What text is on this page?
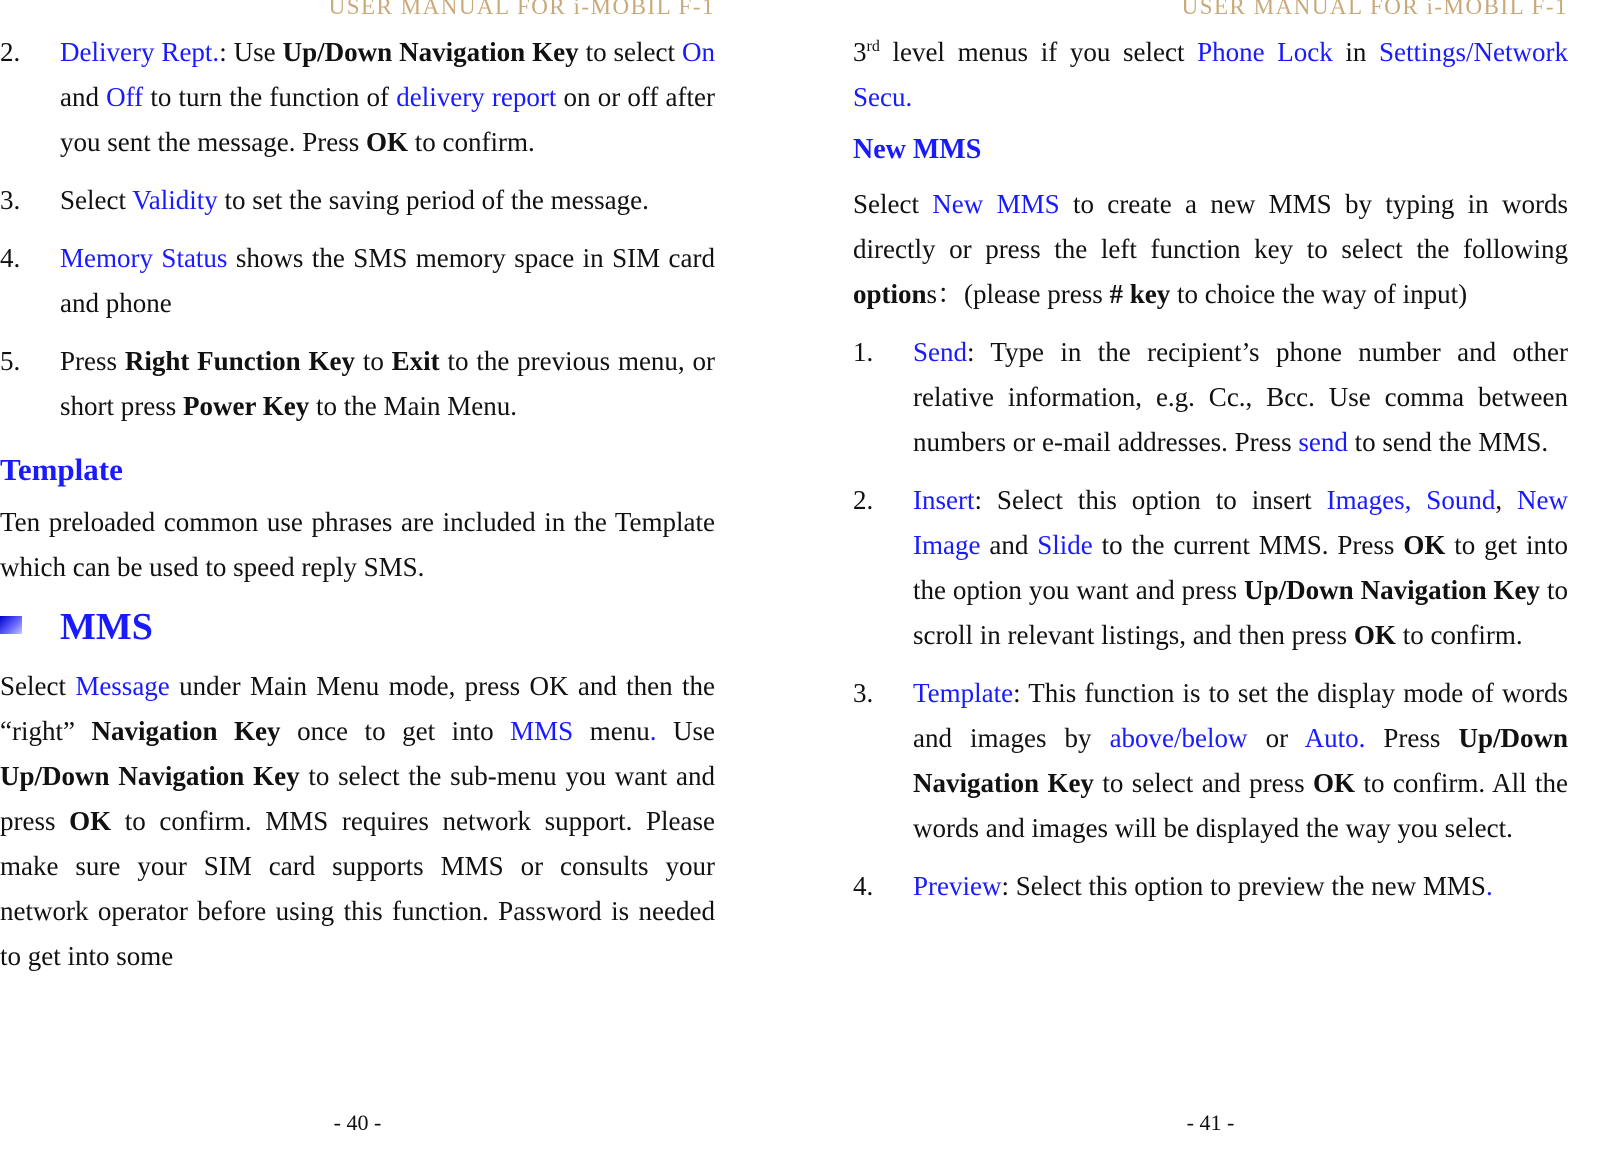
USER MANUAL FOR i-MOBIL F-1

2. Delivery Rept.: Use Up/Down Navigation Key to select On and Off to turn the function of delivery report on or off after you sent the message. Press OK to confirm.

3. Select Validity to set the saving period of the message.

4. Memory Status shows the SMS memory space in SIM card and phone

5. Press Right Function Key to Exit to the previous menu, or short press Power Key to the Main Menu.

Template

Ten preloaded common use phrases are included in the Template which can be used to speed reply SMS.

MMS

Select Message under Main Menu mode, press OK and then the “right” Navigation Key once to get into MMS menu. Use Up/Down Navigation Key to select the sub-menu you want and press OK to confirm. MMS requires network support. Please make sure your SIM card supports MMS or consults your network operator before using this function. Password is needed to get into some

- 40 -
USER MANUAL FOR i-MOBIL F-1

3rd level menus if you select Phone Lock in Settings/Network Secu.

New MMS

Select New MMS to create a new MMS by typing in words directly or press the left function key to select the following options：(please press # key to choice the way of input)

1. Send: Type in the recipient’s phone number and other relative information, e.g. Cc., Bcc. Use comma between numbers or e-mail addresses. Press send to send the MMS.

2. Insert: Select this option to insert Images, Sound, New Image and Slide to the current MMS. Press OK to get into the option you want and press Up/Down Navigation Key to scroll in relevant listings, and then press OK to confirm.

3. Template: This function is to set the display mode of words and images by above/below or Auto. Press Up/Down Navigation Key to select and press OK to confirm. All the words and images will be displayed the way you select.

4. Preview: Select this option to preview the new MMS.

- 41 -
